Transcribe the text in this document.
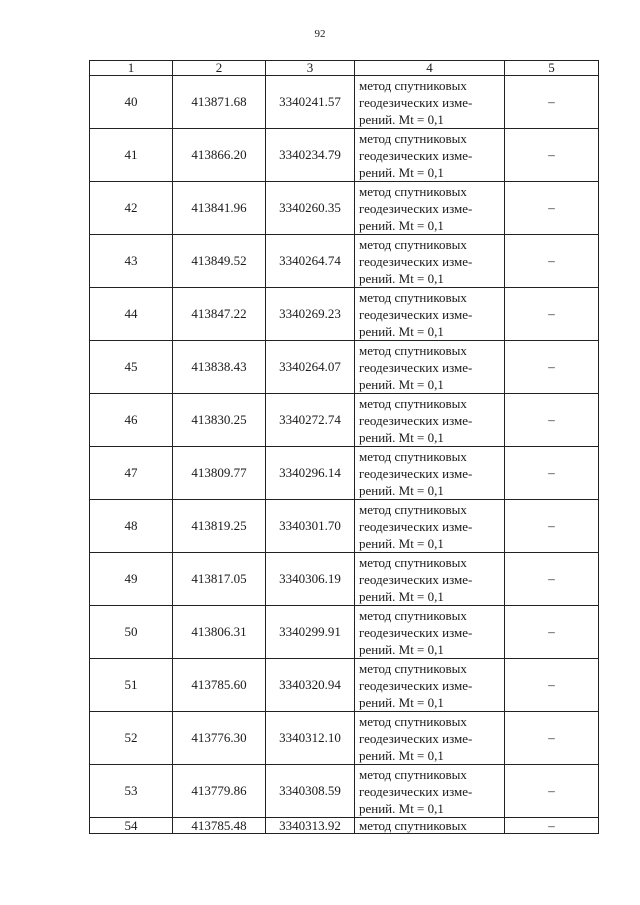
92
1	2	3	4	5
40	413871.68	3340241.57	метод спутниковых
геодезических изме-
рений. Mt = 0,1	–
41	413866.20	3340234.79	метод спутниковых
геодезических изме-
рений. Mt = 0,1	–
42	413841.96	3340260.35	метод спутниковых
геодезических изме-
рений. Mt = 0,1	–
43	413849.52	3340264.74	метод спутниковых
геодезических изме-
рений. Mt = 0,1	–
44	413847.22	3340269.23	метод спутниковых
геодезических изме-
рений. Mt = 0,1	–
45	413838.43	3340264.07	метод спутниковых
геодезических изме-
рений. Mt = 0,1	–
46	413830.25	3340272.74	метод спутниковых
геодезических изме-
рений. Mt = 0,1	–
47	413809.77	3340296.14	метод спутниковых
геодезических изме-
рений. Mt = 0,1	–
48	413819.25	3340301.70	метод спутниковых
геодезических изме-
рений. Mt = 0,1	–
49	413817.05	3340306.19	метод спутниковых
геодезических изме-
рений. Mt = 0,1	–
50	413806.31	3340299.91	метод спутниковых
геодезических изме-
рений. Mt = 0,1	–
51	413785.60	3340320.94	метод спутниковых
геодезических изме-
рений. Mt = 0,1	–
52	413776.30	3340312.10	метод спутниковых
геодезических изме-
рений. Mt = 0,1	–
53	413779.86	3340308.59	метод спутниковых
геодезических изме-
рений. Mt = 0,1	–
54	413785.48	3340313.92	метод спутниковых	–
